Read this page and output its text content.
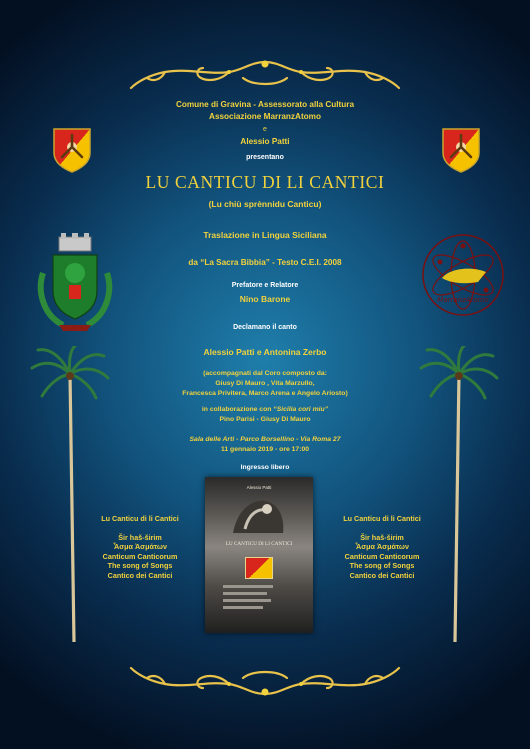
Comune di Gravina - Assessorato alla Cultura
Associazione MarranzAtomo
e
Alessio Patti
presentano
LU CANTICU DI LI CANTICI
(Lu chiù sprènnidu Canticu)
Traslazione in Lingua Siciliana
da “La Sacra Bibbia” - Testo C.E.I. 2008
Prefatore e Relatore
Nino Barone
Declamano il canto
Alessio Patti e Antonina Zerbo
(accompagnati dal Coro composto da:
Giusy Di Mauro , Vita Marzullo,
Francesca Privitera, Marco Arena e Angelo Ariosto)
in collaborazione con “Sicilia cori miu”
Pino Parisi - Giusy Di Mauro
Sala delle Arti - Parco Borsellino - Via Roma 27
11 gennaio 2019 - ore 17:00
Ingresso libero
MarranzAtomo
Lu Canticu di li Cantici
Šir haš-širim
Ἆσμα Ἀσμάτων
Canticum Canticorum
The song of Songs
Cantico dei Cantici
Lu Canticu di li Cantici
Šir haš-širim
Ἆσμα Ἀσμάτων
Canticum Canticorum
The song of Songs
Cantico dei Cantici
Alessio Patti
LU CANTICU DI LI CANTICI
